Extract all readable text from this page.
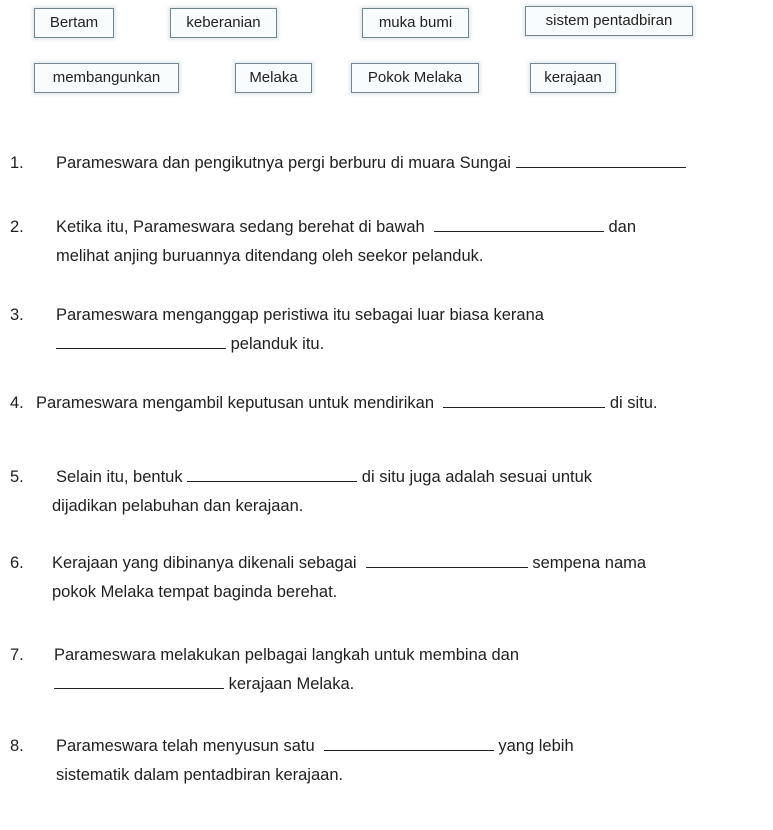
Bertam	keberanian	muka bumi	sistem pentadbiran
membangunkan	Melaka	Pokok Melaka	kerajaan
1. Parameswara dan pengikutnya pergi berburu di muara Sungai
2. Ketika itu, Parameswara sedang berehat di bawah	dan
melihat anjing buruannya ditendang oleh seekor pelanduk.
3. Parameswara menganggap peristiwa itu sebagai luar biasa kerana
pelanduk itu.
4. Parameswara mengambil keputusan untuk mendirikan	di situ.
5. Selain itu, bentuk	di situ juga adalah sesuai untuk
dijadikan pelabuhan dan kerajaan.
6. Kerajaan yang dibinanya dikenali sebagai	sempena nama
pokok Melaka tempat baginda berehat.
7. Parameswara melakukan pelbagai langkah untuk membina dan
kerajaan Melaka.
8. Parameswara telah menyusun satu	yang lebih
sistematik dalam pentadbiran kerajaan.
